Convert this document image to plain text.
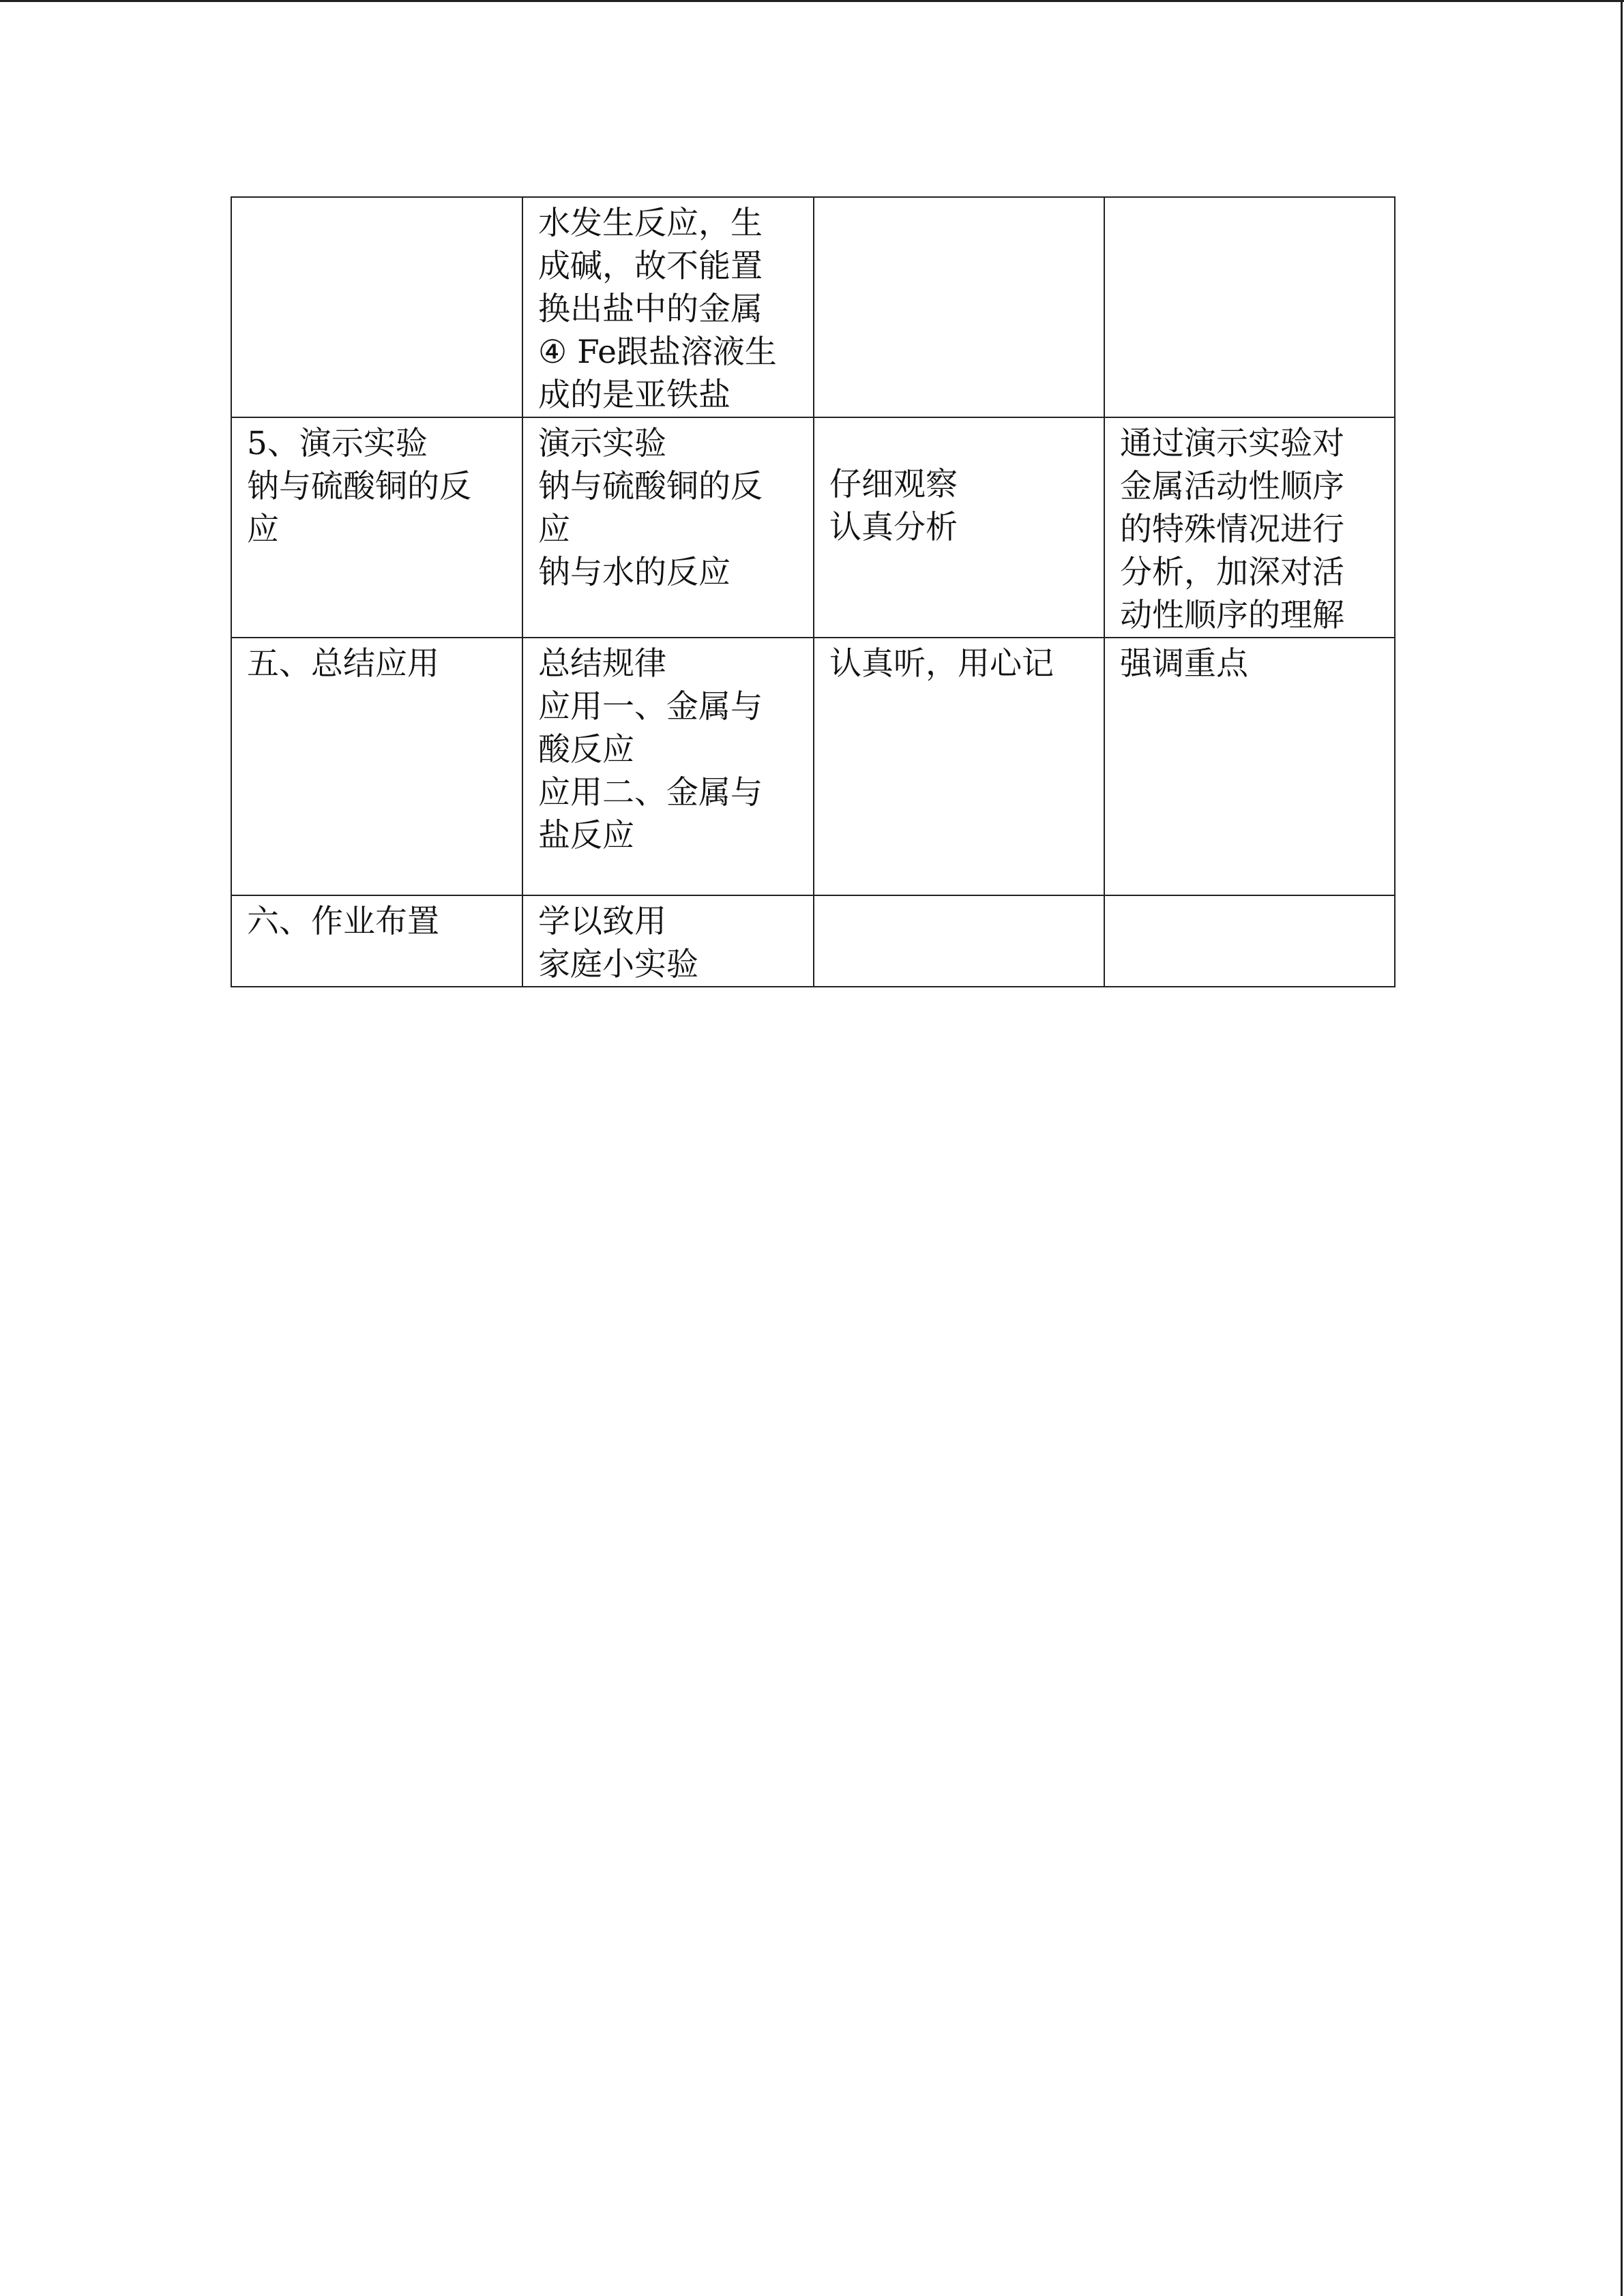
	水发生反应，生
成碱，故不能置
换出盐中的金属
④ Fe跟盐溶液生
成的是亚铁盐		

5、演示实验
钠与硫酸铜的反
应	演示实验
钠与硫酸铜的反
应
钠与水的反应	仔细观察
认真分析	通过演示实验对
金属活动性顺序
的特殊情况进行
分析，加深对活
动性顺序的理解

五、总结应用	总结规律
应用一、金属与
酸反应
应用二、金属与
盐反应	认真听，用心记	强调重点

六、作业布置	学以致用
家庭小实验		
